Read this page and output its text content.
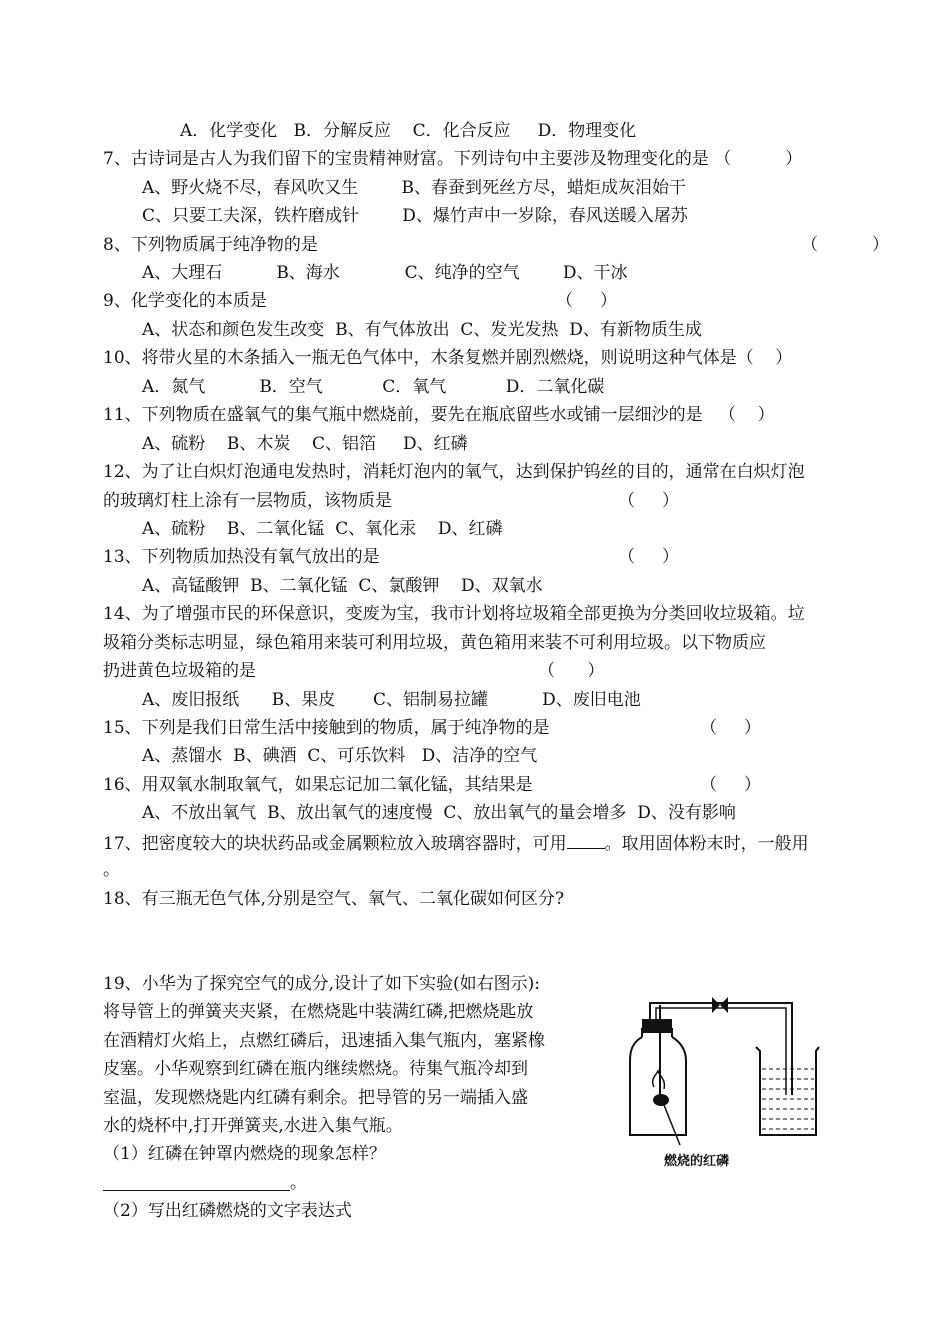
A．化学变化   B．分解反应    C．化合反应     D．物理变化
7、古诗词是古人为我们留下的宝贵精神财富。下列诗句中主要涉及物理变化的是 （          ）
A、野火烧不尽，春风吹又生        B、春蚕到死丝方尽，蜡炬成灰泪始干
C、只要工夫深，铁杵磨成针        D、爆竹声中一岁除，春风送暖入屠苏
8、下列物质属于纯净物的是	（          ）
A、大理石          B、海水            C、纯净的空气        D、干冰
9、化学变化的本质是	（     ）
A、状态和颜色发生改变  B、有气体放出  C、发光发热  D、有新物质生成
10、将带火星的木条插入一瓶无色气体中，木条复燃并剧烈燃烧，则说明这种气体是（    ）
A．氮气          B．空气           C．氧气           D．二氧化碳
11、下列物质在盛氧气的集气瓶中燃烧前，要先在瓶底留些水或铺一层细沙的是   （    ）
A、硫粉    B、木炭    C、铝箔     D、红磷
12、为了让白炽灯泡通电发热时，消耗灯泡内的氧气，达到保护钨丝的目的，通常在白炽灯泡
的玻璃灯柱上涂有一层物质，该物质是	（     ）
A、硫粉    B、二氧化锰  C、氧化汞    D、红磷
13、下列物质加热没有氧气放出的是	（     ）
A、高锰酸钾  B、二氧化锰  C、氯酸钾    D、双氧水
14、为了增强市民的环保意识，变废为宝，我市计划将垃圾箱全部更换为分类回收垃圾箱。垃
圾箱分类标志明显，绿色箱用来装可利用垃圾，黄色箱用来装不可利用垃圾。以下物质应
扔进黄色垃圾箱的是	（      ）
A、废旧报纸      B、果皮       C、铝制易拉罐          D、废旧电池
15、下列是我们日常生活中接触到的物质，属于纯净物的是	（     ）
A、蒸馏水  B、碘酒  C、可乐饮料   D、洁净的空气
16、用双氧水制取氧气，如果忘记加二氧化锰，其结果是	（     ）
A、不放出氧气  B、放出氧气的速度慢  C、放出氧气的量会增多  D、没有影响
17、把密度较大的块状药品或金属颗粒放入玻璃容器时，可用 。取用固体粉末时，一般用
。
18、有三瓶无色气体,分别是空气、氧气、二氧化碳如何区分?
19、小华为了探究空气的成分,设计了如下实验(如右图示):
将导管上的弹簧夹夹紧，在燃烧匙中装满红磷,把燃烧匙放
在酒精灯火焰上，点燃红磷后，迅速插入集气瓶内，塞紧橡
皮塞。小华观察到红磷在瓶内继续燃烧。待集气瓶冷却到
室温，发现燃烧匙内红磷有剩余。把导管的另一端插入盛
水的烧杯中,打开弹簧夹,水进入集气瓶。
（1）红磷在钟罩内燃烧的现象怎样？
。
（2）写出红磷燃烧的文字表达式
燃烧的红磷
